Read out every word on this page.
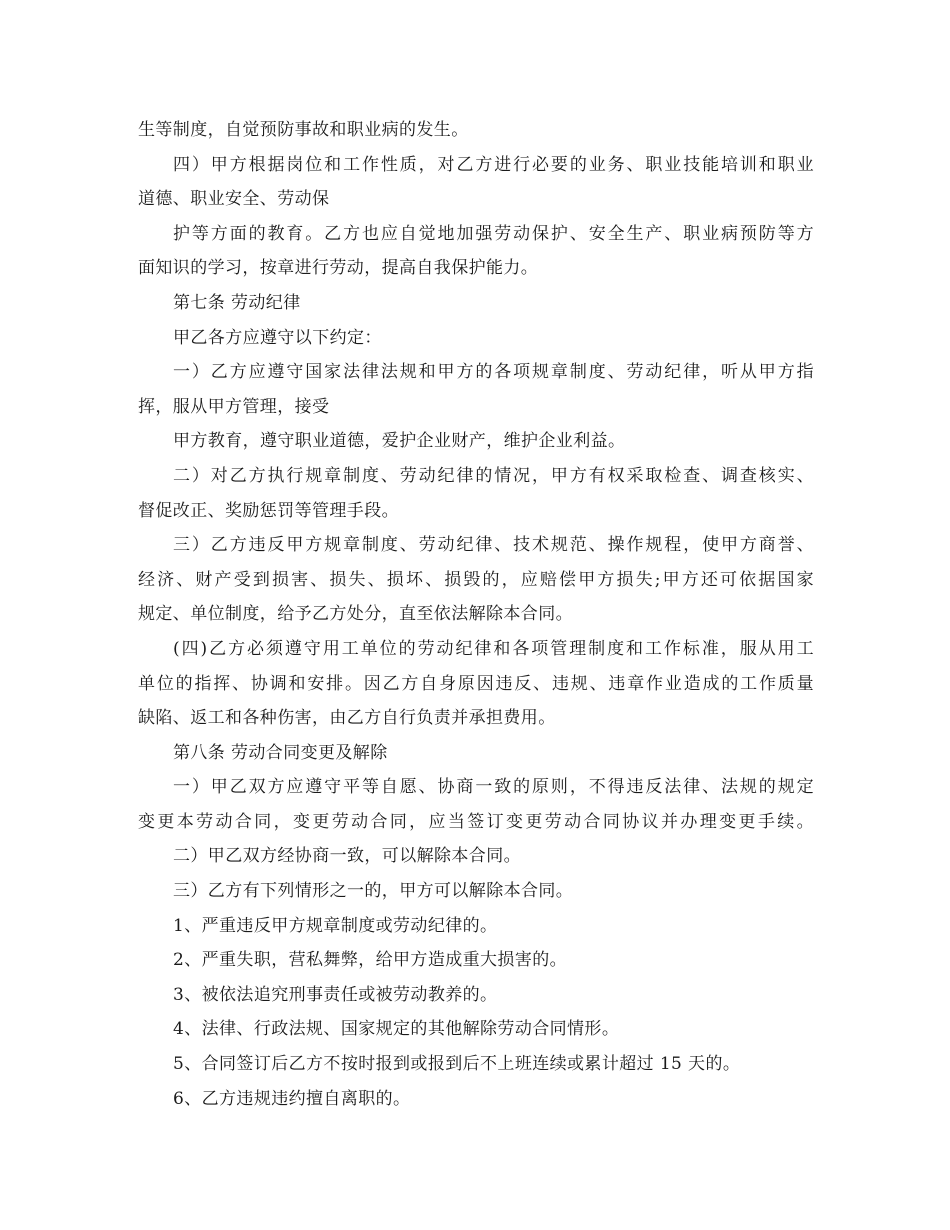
生等制度，自觉预防事故和职业病的发生。
四）甲方根据岗位和工作性质，对乙方进行必要的业务、职业技能培训和职业
道德、职业安全、劳动保
护等方面的教育。乙方也应自觉地加强劳动保护、安全生产、职业病预防等方
面知识的学习，按章进行劳动，提高自我保护能力。
第七条 劳动纪律
甲乙各方应遵守以下约定：
一）乙方应遵守国家法律法规和甲方的各项规章制度、劳动纪律，听从甲方指
挥，服从甲方管理，接受
甲方教育，遵守职业道德，爱护企业财产，维护企业利益。
二）对乙方执行规章制度、劳动纪律的情况，甲方有权采取检查、调查核实、
督促改正、奖励惩罚等管理手段。
三）乙方违反甲方规章制度、劳动纪律、技术规范、操作规程，使甲方商誉、
经济、财产受到损害、损失、损坏、损毁的，应赔偿甲方损失;甲方还可依据国家
规定、单位制度，给予乙方处分，直至依法解除本合同。
(四)乙方必须遵守用工单位的劳动纪律和各项管理制度和工作标准，服从用工
单位的指挥、协调和安排。因乙方自身原因违反、违规、违章作业造成的工作质量
缺陷、返工和各种伤害，由乙方自行负责并承担费用。
第八条 劳动合同变更及解除
一）甲乙双方应遵守平等自愿、协商一致的原则，不得违反法律、法规的规定
变更本劳动合同，变更劳动合同，应当签订变更劳动合同协议并办理变更手续。
二）甲乙双方经协商一致，可以解除本合同。
三）乙方有下列情形之一的，甲方可以解除本合同。
1、严重违反甲方规章制度或劳动纪律的。
2、严重失职，营私舞弊，给甲方造成重大损害的。
3、被依法追究刑事责任或被劳动教养的。
4、法律、行政法规、国家规定的其他解除劳动合同情形。
5、合同签订后乙方不按时报到或报到后不上班连续或累计超过 15 天的。
6、乙方违规违约擅自离职的。
